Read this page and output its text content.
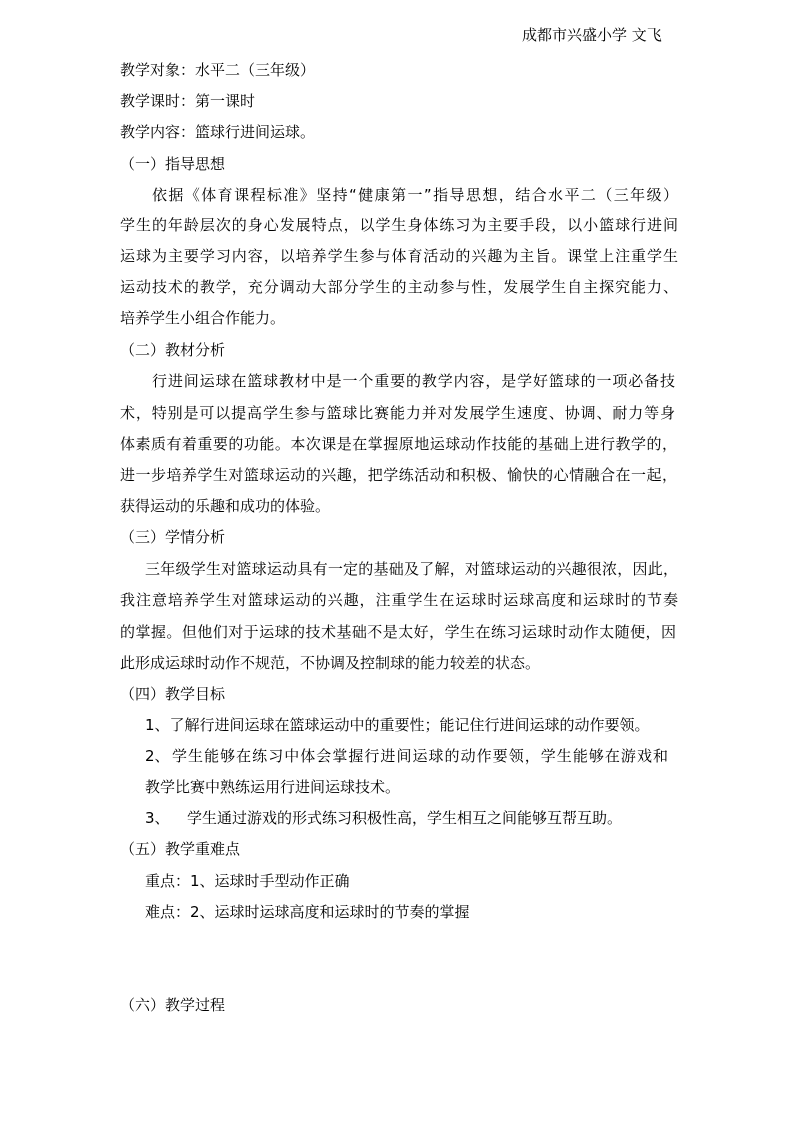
成都市兴盛小学 文飞
教学对象：水平二（三年级）
教学课时：第一课时
教学内容：篮球行进间运球。
（一）指导思想
依据《体育课程标准》坚持“健康第一”指导思想，结合水平二（三年级）
学生的年龄层次的身心发展特点，以学生身体练习为主要手段，以小篮球行进间
运球为主要学习内容，以培养学生参与体育活动的兴趣为主旨。课堂上注重学生
运动技术的教学，充分调动大部分学生的主动参与性，发展学生自主探究能力、
培养学生小组合作能力。
（二）教材分析
行进间运球在篮球教材中是一个重要的教学内容，是学好篮球的一项必备技
术，特别是可以提高学生参与篮球比赛能力并对发展学生速度、协调、耐力等身
体素质有着重要的功能。本次课是在掌握原地运球动作技能的基础上进行教学的，
进一步培养学生对篮球运动的兴趣，把学练活动和积极、愉快的心情融合在一起，
获得运动的乐趣和成功的体验。
（三）学情分析
三年级学生对篮球运动具有一定的基础及了解，对篮球运动的兴趣很浓，因此，
我注意培养学生对篮球运动的兴趣，注重学生在运球时运球高度和运球时的节奏
的掌握。但他们对于运球的技术基础不是太好，学生在练习运球时动作太随便，因
此形成运球时动作不规范，不协调及控制球的能力较差的状态。
（四）教学目标
1、了解行进间运球在篮球运动中的重要性；能记住行进间运球的动作要领。
2、 学生能够在练习中体会掌握行进间运球的动作要领，学生能够在游戏和
教学比赛中熟练运用行进间运球技术。
3、 学生通过游戏的形式练习积极性高，学生相互之间能够互帮互助。
（五）教学重难点
重点：1、运球时手型动作正确
难点：2、运球时运球高度和运球时的节奏的掌握
（六）教学过程
